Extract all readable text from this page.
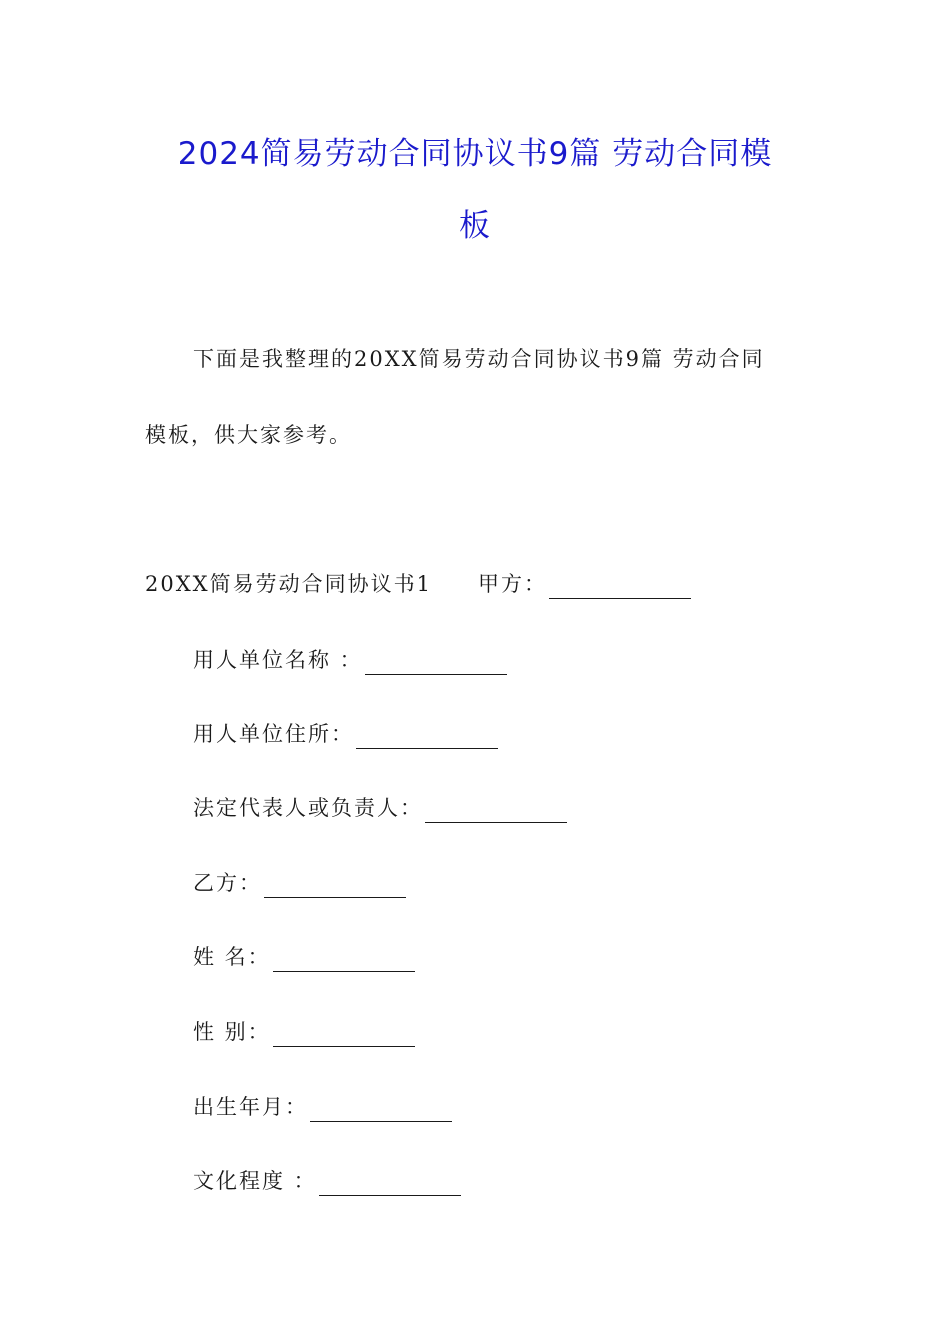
2024简易劳动合同协议书9篇 劳动合同模
板
下面是我整理的20XX简易劳动合同协议书9篇 劳动合同
模板，供大家参考。
20XX简易劳动合同协议书1 甲方：
用人单位名称 ：
用人单位住所：
法定代表人或负责人：
乙方：
姓 名：
性 别：
出生年月：
文化程度 ：
